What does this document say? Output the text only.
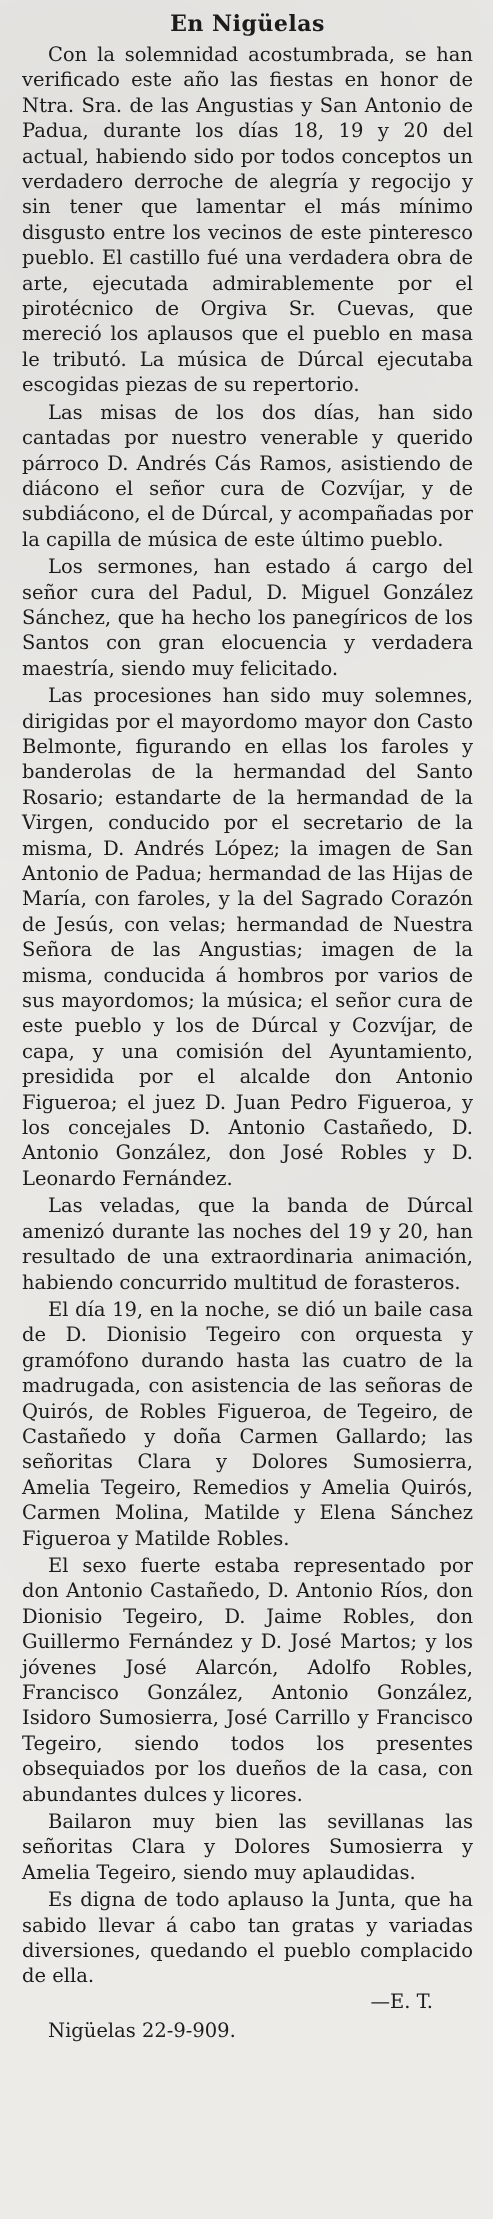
En Nigüelas

Con la solemnidad acostumbrada, se han verificado este año las fiestas en honor de Ntra. Sra. de las Angustias y San Antonio de Padua, durante los días 18, 19 y 20 del actual, habiendo sido por todos conceptos un verdadero derroche de alegría y regocijo y sin tener que lamentar el más mínimo disgusto entre los vecinos de este pinteresco pueblo. El castillo fué una verdadera obra de arte, ejecutada admirablemente por el pirotécnico de Orgiva Sr. Cuevas, que mereció los aplausos que el pueblo en masa le tributó. La música de Dúrcal ejecutaba escogidas piezas de su repertorio.

Las misas de los dos días, han sido cantadas por nuestro venerable y querido párroco D. Andrés Cás Ramos, asistiendo de diácono el señor cura de Cozvíjar, y de subdiácono, el de Dúrcal, y acompañadas por la capilla de música de este último pueblo.

Los sermones, han estado á cargo del señor cura del Padul, D. Miguel González Sánchez, que ha hecho los panegíricos de los Santos con gran elocuencia y verdadera maestría, siendo muy felicitado.

Las procesiones han sido muy solemnes, dirigidas por el mayordomo mayor don Casto Belmonte, figurando en ellas los faroles y banderolas de la hermandad del Santo Rosario; estandarte de la hermandad de la Virgen, conducido por el secretario de la misma, D. Andrés López; la imagen de San Antonio de Padua; hermandad de las Hijas de María, con faroles, y la del Sagrado Corazón de Jesús, con velas; hermandad de Nuestra Señora de las Angustias; imagen de la misma, conducida á hombros por varios de sus mayordomos; la música; el señor cura de este pueblo y los de Dúrcal y Cozvíjar, de capa, y una comisión del Ayuntamiento, presidida por el alcalde don Antonio Figueroa; el juez D. Juan Pedro Figueroa, y los concejales D. Antonio Castañedo, D. Antonio González, don José Robles y D. Leonardo Fernández.

Las veladas, que la banda de Dúrcal amenizó durante las noches del 19 y 20, han resultado de una extraordinaria animación, habiendo concurrido multitud de forasteros.

El día 19, en la noche, se dió un baile casa de D. Dionisio Tegeiro con orquesta y gramófono durando hasta las cuatro de la madrugada, con asistencia de las señoras de Quirós, de Robles Figueroa, de Tegeiro, de Castañedo y doña Carmen Gallardo; las señoritas Clara y Dolores Sumosierra, Amelia Tegeiro, Remedios y Amelia Quirós, Carmen Molina, Matilde y Elena Sánchez Figueroa y Matilde Robles.

El sexo fuerte estaba representado por don Antonio Castañedo, D. Antonio Ríos, don Dionisio Tegeiro, D. Jaime Robles, don Guillermo Fernández y D. José Martos; y los jóvenes José Alarcón, Adolfo Robles, Francisco González, Antonio González, Isidoro Sumosierra, José Carrillo y Francisco Tegeiro, siendo todos los presentes obsequiados por los dueños de la casa, con abundantes dulces y licores.

Bailaron muy bien las sevillanas las señoritas Clara y Dolores Sumosierra y Amelia Tegeiro, siendo muy aplaudidas.

Es digna de todo aplauso la Junta, que ha sabido llevar á cabo tan gratas y variadas diversiones, quedando el pueblo complacido de ella.

—E. T.

Nigüelas 22-9-909.
